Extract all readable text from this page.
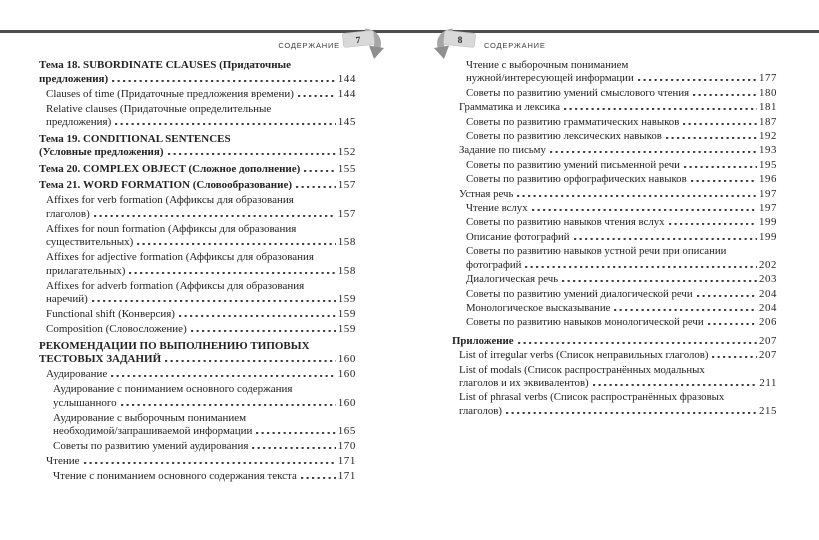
СОДЕРЖАНИЕ 7	8	СОДЕРЖАНИЕ
Тема 18. SUBORDINATE CLAUSES (Придаточные
предложения)	144
Clauses of time (Придаточные предложения времени)	144
Relative clauses (Придаточные определительные
предложения)	145
Тема 19. CONDITIONAL SENTENCES
(Условные предложения)	152
Тема 20. COMPLEX OBJECT (Сложное дополнение)	155
Тема 21. WORD FORMATION (Словообразование)	157
Affixes for verb formation (Аффиксы для образования
глаголов)	157
Affixes for noun formation (Аффиксы для образования
существительных)	158
Affixes for adjective formation (Аффиксы для образования
прилагательных)	158
Affixes for adverb formation (Аффиксы для образования
наречий)	159
Functional shift (Конверсия)	159
Composition (Словосложение)	159
РЕКОМЕНДАЦИИ ПО ВЫПОЛНЕНИЮ ТИПОВЫХ
ТЕСТОВЫХ ЗАДАНИЙ	160
Аудирование	160
Аудирование с пониманием основного содержания
услышанного	160
Аудирование с выборочным пониманием
необходимой/запрашиваемой информации	165
Советы по развитию умений аудирования	170
Чтение	171
Чтение с пониманием основного содержания текста	171
Чтение с выборочным пониманием
нужной/интересующей информации	177
Советы по развитию умений смыслового чтения	180
Грамматика и лексика	181
Советы по развитию грамматических навыков	187
Советы по развитию лексических навыков	192
Задание по письму	193
Советы по развитию умений письменной речи	195
Советы по развитию орфографических навыков	196
Устная речь	197
Чтение вслух	197
Советы по развитию навыков чтения вслух	199
Описание фотографий	199
Советы по развитию навыков устной речи при описании
фотографий	202
Диалогическая речь	203
Советы по развитию умений диалогической речи	204
Монологическое высказывание	204
Советы по развитию навыков монологической речи	206
Приложение	207
List of irregular verbs (Список неправильных глаголов)	207
List of modals (Список распространённых модальных
глаголов и их эквивалентов)	211
List of phrasal verbs (Список распространённых фразовых
глаголов)	215
